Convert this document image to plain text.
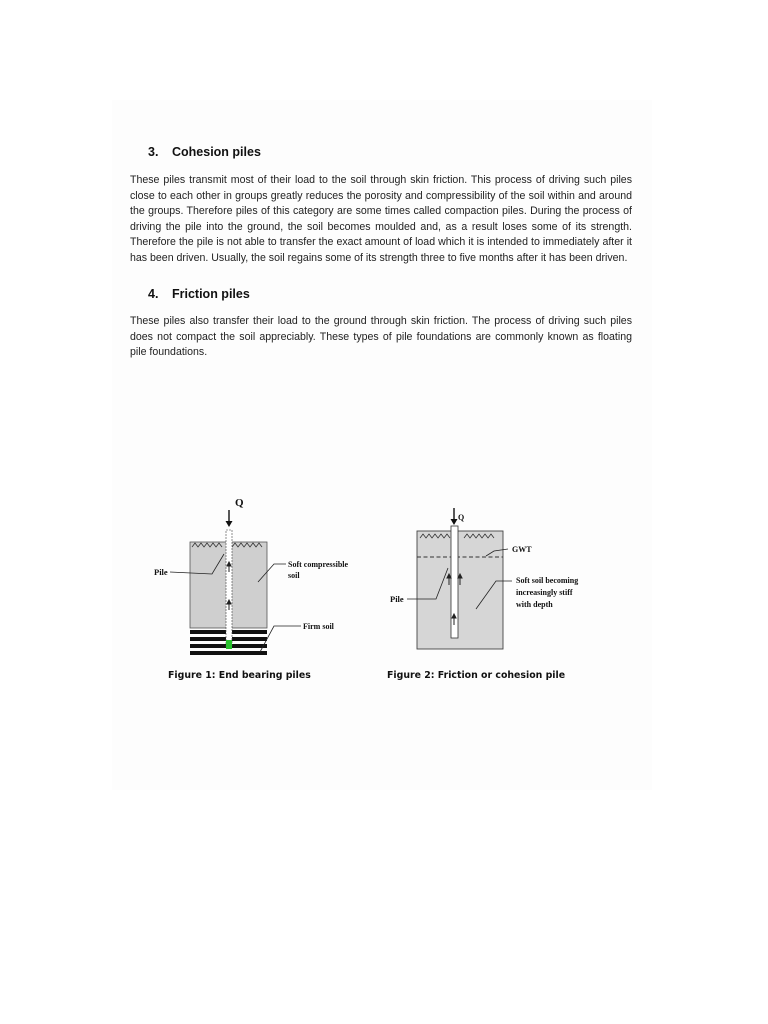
3. Cohesion piles
These piles transmit most of their load to the soil through skin friction. This process of driving such piles close to each other in groups greatly reduces the porosity and compressibility of the soil within and around the groups. Therefore piles of this category are some times called compaction piles. During the process of driving the pile into the ground, the soil becomes moulded and, as a result loses some of its strength. Therefore the pile is not able to transfer the exact amount of load which it is intended to immediately after it has been driven. Usually, the soil regains some of its strength three to five months after it has been driven.
4. Friction piles
These piles also transfer their load to the ground through skin friction. The process of driving such piles does not compact the soil appreciably. These types of pile foundations are commonly known as floating pile foundations.
Q
Pile
Soft compressible
soil
Firm soil
Figure 1: End bearing piles
Q
GWT
Soft soil becoming
increasingly stiff
with depth
Pile
Figure 2: Friction or cohesion pile
